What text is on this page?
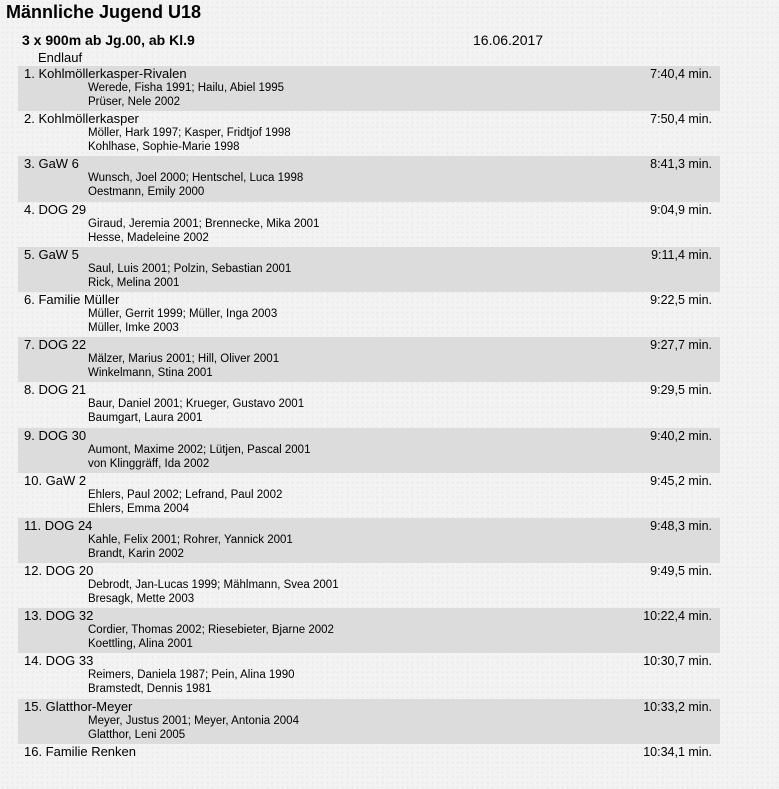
Männliche Jugend U18
3 x 900m ab Jg.00, ab Kl.9	16.06.2017
Endlauf
1. Kohlmöllerkasper-Rivalen	7:40,4 min.
Werede, Fisha 1991; Hailu, Abiel 1995
Prüser, Nele 2002
2. Kohlmöllerkasper	7:50,4 min.
Möller, Hark 1997; Kasper, Fridtjof 1998
Kohlhase, Sophie-Marie 1998
3. GaW 6	8:41,3 min.
Wunsch, Joel 2000; Hentschel, Luca 1998
Oestmann, Emily 2000
4. DOG 29	9:04,9 min.
Giraud, Jeremia 2001; Brennecke, Mika 2001
Hesse, Madeleine 2002
5. GaW 5	9:11,4 min.
Saul, Luis 2001; Polzin, Sebastian 2001
Rick, Melina 2001
6. Familie Müller	9:22,5 min.
Müller, Gerrit 1999; Müller, Inga 2003
Müller, Imke 2003
7. DOG 22	9:27,7 min.
Mälzer, Marius 2001; Hill, Oliver 2001
Winkelmann, Stina 2001
8. DOG 21	9:29,5 min.
Baur, Daniel 2001; Krueger, Gustavo 2001
Baumgart, Laura 2001
9. DOG 30	9:40,2 min.
Aumont, Maxime 2002; Lütjen, Pascal 2001
von Klinggräff, Ida 2002
10. GaW 2	9:45,2 min.
Ehlers, Paul 2002; Lefrand, Paul 2002
Ehlers, Emma 2004
11. DOG 24	9:48,3 min.
Kahle, Felix 2001; Rohrer, Yannick 2001
Brandt, Karin 2002
12. DOG 20	9:49,5 min.
Debrodt, Jan-Lucas 1999; Mählmann, Svea 2001
Bresagk, Mette 2003
13. DOG 32	10:22,4 min.
Cordier, Thomas 2002; Riesebieter, Bjarne 2002
Koettling, Alina 2001
14. DOG 33	10:30,7 min.
Reimers, Daniela 1987; Pein, Alina 1990
Bramstedt, Dennis 1981
15. Glatthor-Meyer	10:33,2 min.
Meyer, Justus 2001; Meyer, Antonia 2004
Glatthor, Leni 2005
16. Familie Renken	10:34,1 min.
